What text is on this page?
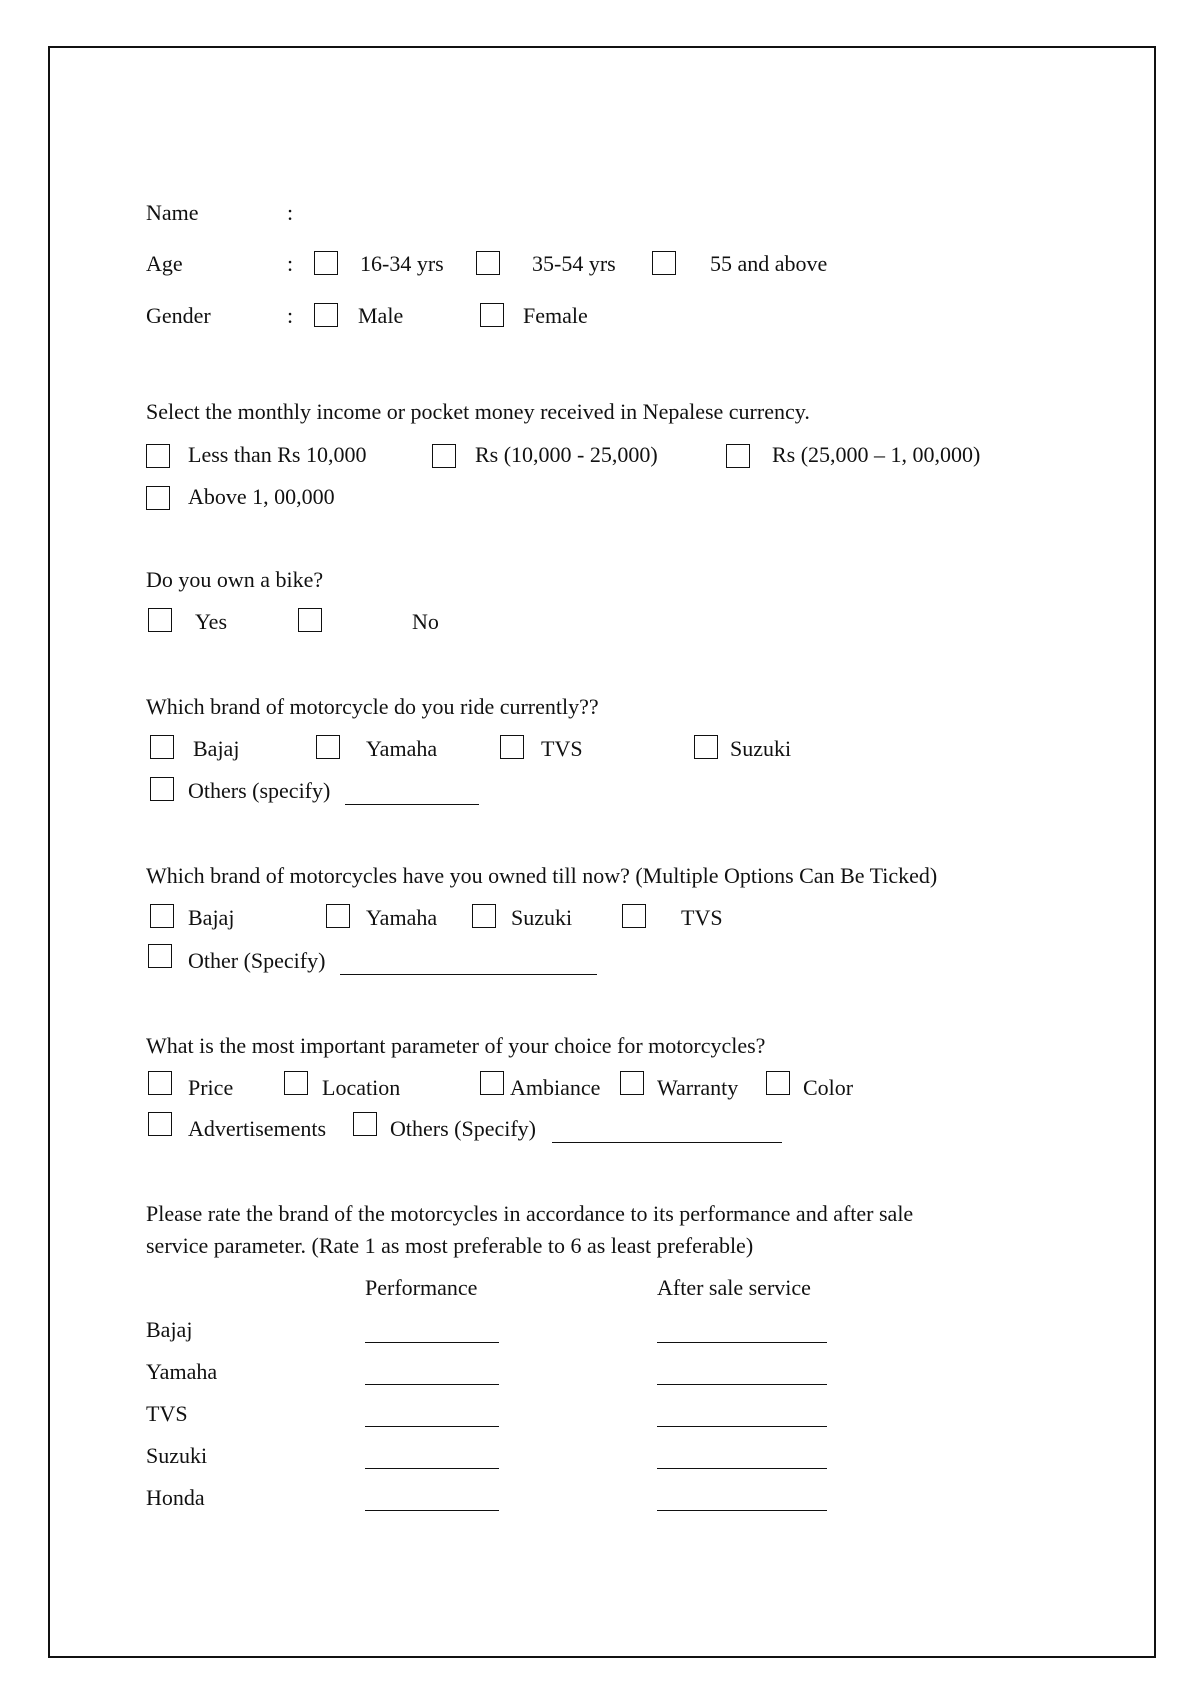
Name	:
Age	:	16-34 yrs	35-54 yrs	55 and above
Gender	:	Male	Female
Select the monthly income or pocket money received in Nepalese currency.
Less than Rs 10,000	Rs (10,000 - 25,000)	Rs (25,000 – 1, 00,000)
Above 1, 00,000
Do you own a bike?
Yes	No
Which brand of motorcycle do you ride currently??
Bajaj	Yamaha	TVS	Suzuki
Others (specify)
Which brand of motorcycles have you owned till now? (Multiple Options Can Be Ticked)
Bajaj	Yamaha	Suzuki	TVS
Other (Specify)
What is the most important parameter of your choice for motorcycles?
Price	Location	Ambiance	Warranty	Color
Advertisements	Others (Specify)
Please rate the brand of the motorcycles in accordance to its performance and after sale
service parameter. (Rate 1 as most preferable to 6 as least preferable)
Performance	After sale service
Bajaj
Yamaha
TVS
Suzuki
Honda
